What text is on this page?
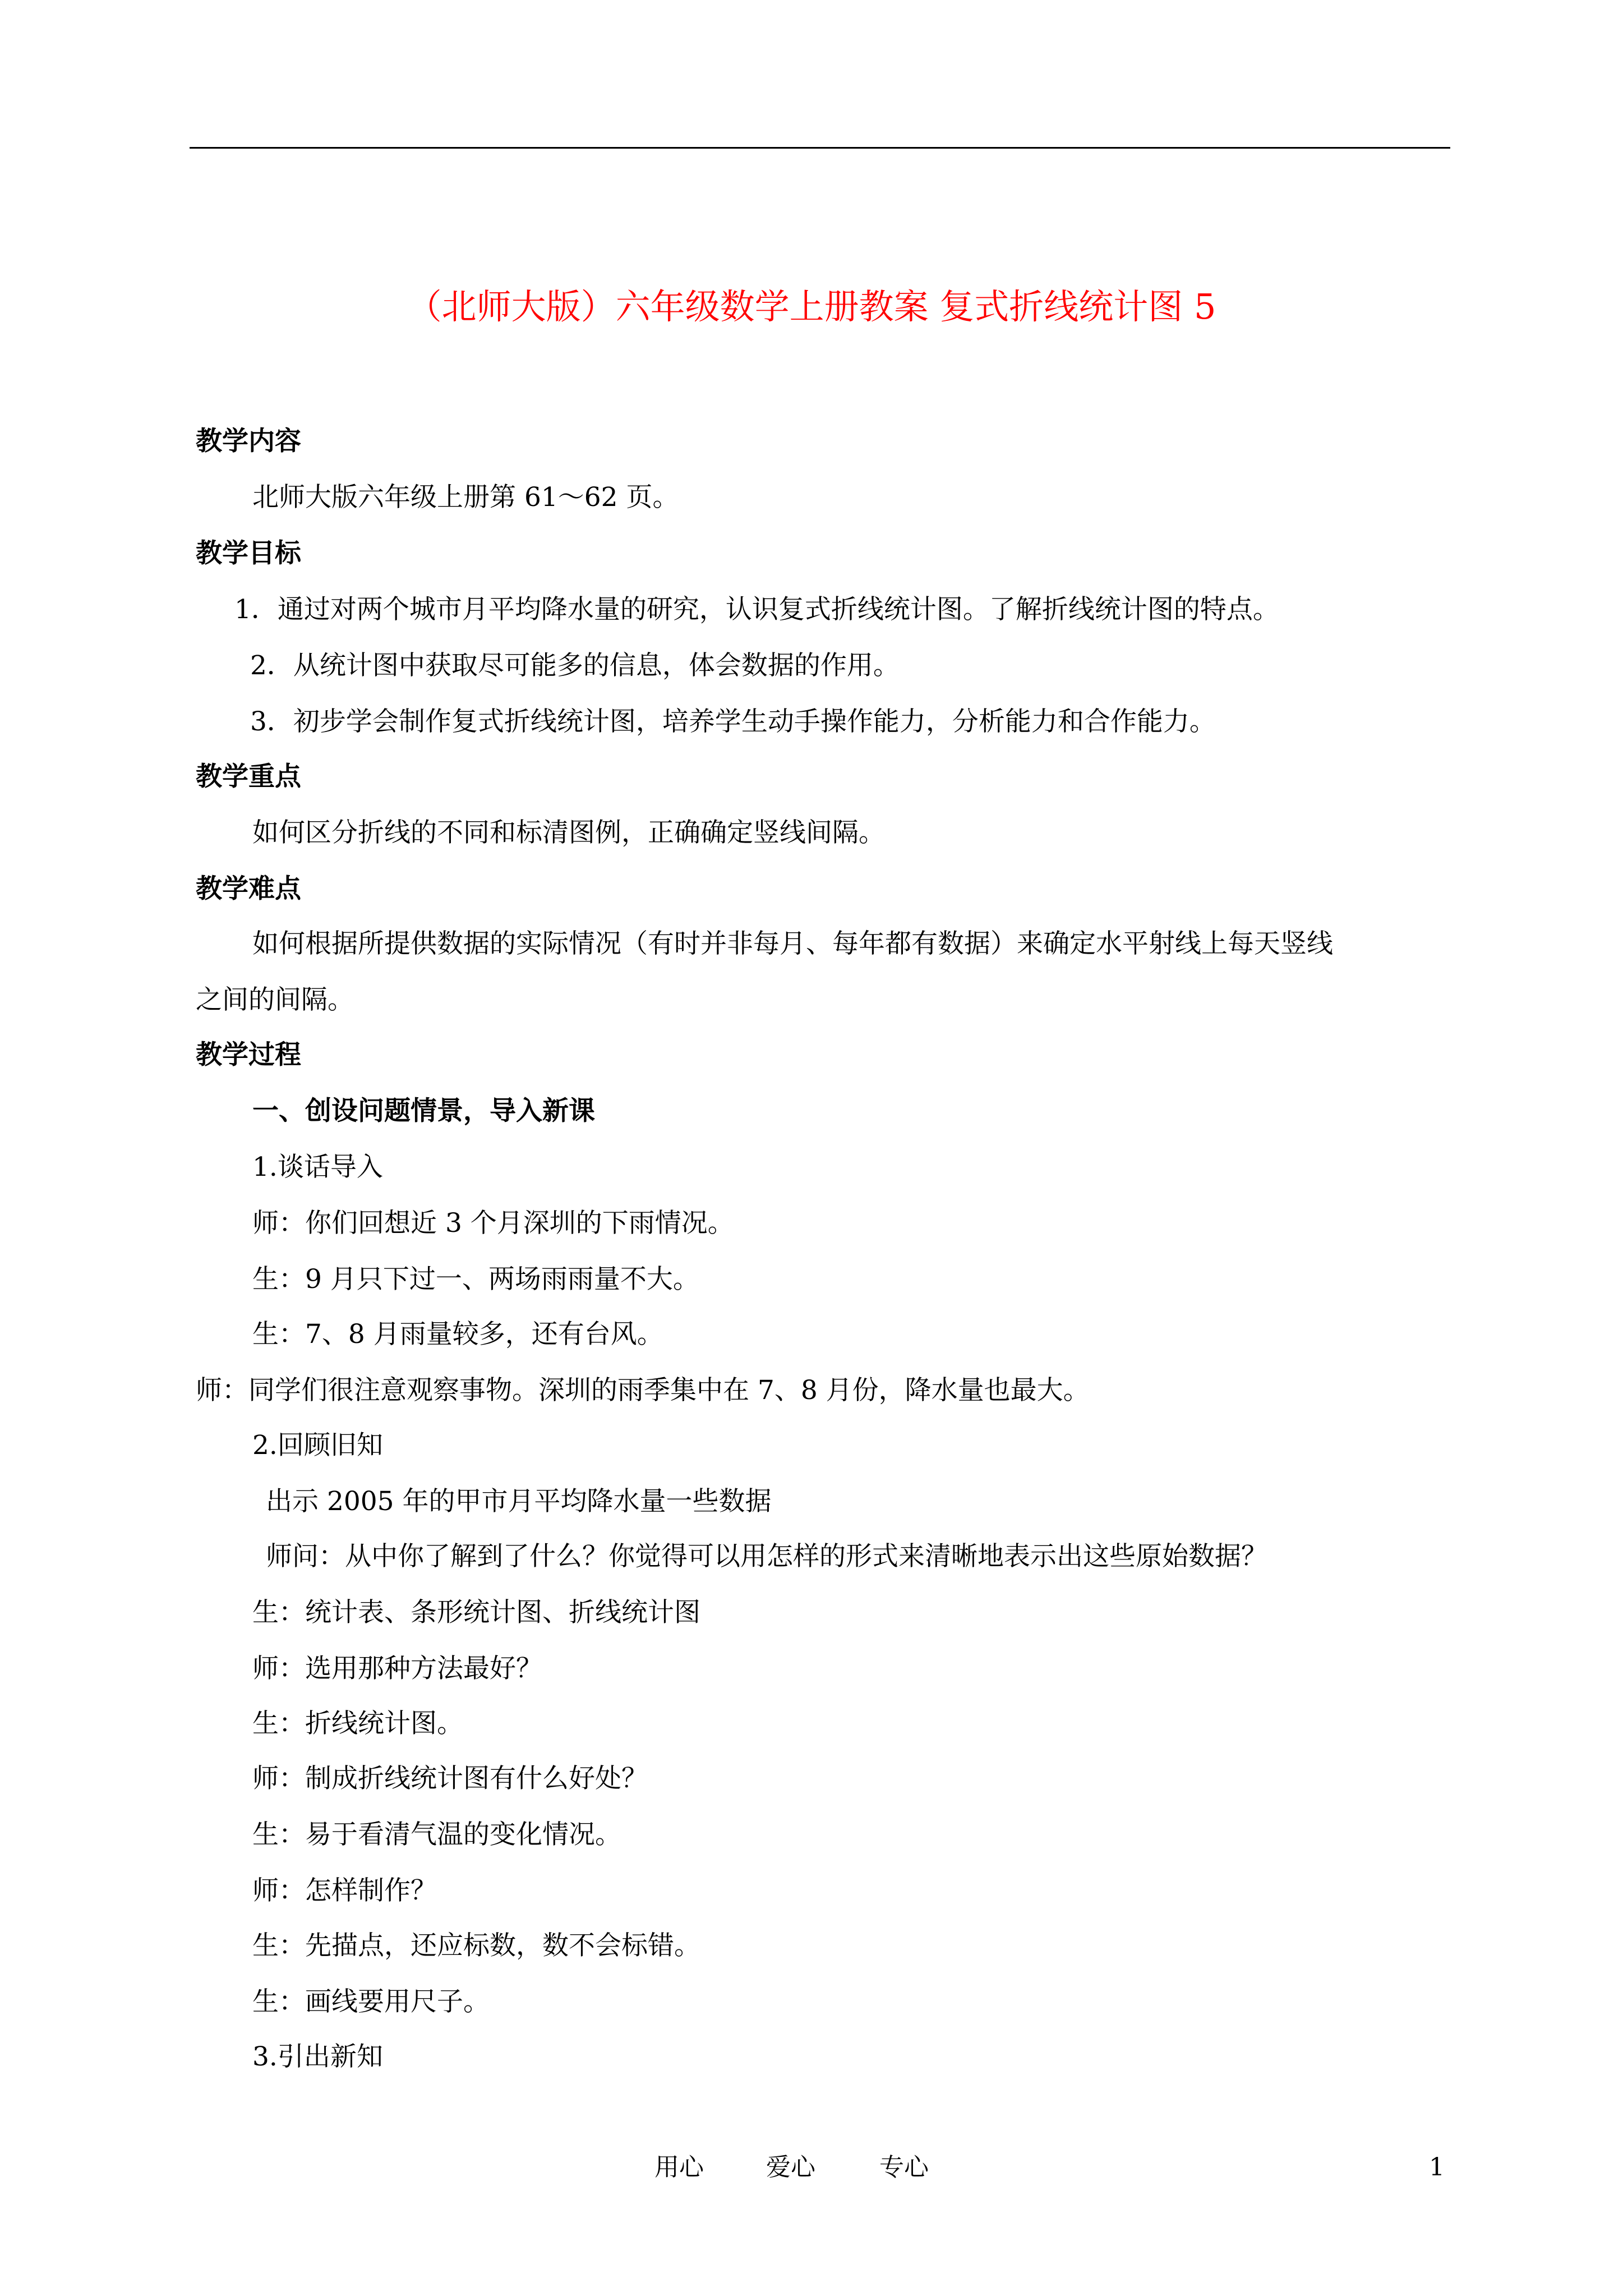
（北师大版）六年级数学上册教案 复式折线统计图 5
教学内容
北师大版六年级上册第 61～62 页。
教学目标
1．通过对两个城市月平均降水量的研究，认识复式折线统计图。了解折线统计图的特点。
2．从统计图中获取尽可能多的信息，体会数据的作用。
3．初步学会制作复式折线统计图，培养学生动手操作能力，分析能力和合作能力。
教学重点
如何区分折线的不同和标清图例，正确确定竖线间隔。
教学难点
如何根据所提供数据的实际情况（有时并非每月、每年都有数据）来确定水平射线上每天竖线
之间的间隔。
教学过程
一、创设问题情景，导入新课
1.谈话导入
师：你们回想近 3 个月深圳的下雨情况。
生：9 月只下过一、两场雨雨量不大。
生：7、8 月雨量较多，还有台风。
师：同学们很注意观察事物。深圳的雨季集中在 7、8 月份，降水量也最大。
2.回顾旧知
出示 2005 年的甲市月平均降水量一些数据
师问：从中你了解到了什么？你觉得可以用怎样的形式来清晰地表示出这些原始数据？
生：统计表、条形统计图、折线统计图
师：选用那种方法最好？
生：折线统计图。
师：制成折线统计图有什么好处？
生：易于看清气温的变化情况。
师：怎样制作？
生：先描点，还应标数，数不会标错。
生：画线要用尺子。
3.引出新知
用心	爱心	专心	1
